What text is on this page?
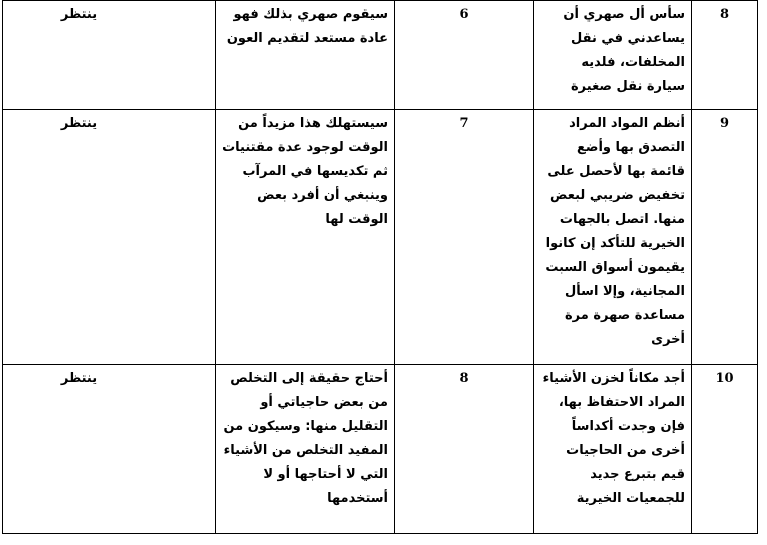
8	سأس أل صهري أن يساعدني في نقل المخلفات، فلديه سيارة نقل صغيرة	6	سيقوم صهري بذلك فهو عادة مستعد لتقديم العون	ينتظر
9	أنظم المواد المراد التصدق بها وأضع قائمة بها لأحصل على تخفيض ضريبي لبعض منها. اتصل بالجهات الخيرية للتأكد إن كانوا يقيمون أسواق السبت المجانية، وإلا اسأل مساعدة صهرة مرة أخرى	7	سيستهلك هذا مزيداً من الوقت لوجود عدة مقتنيات ثم تكديسها في المرآب وينبغي أن أفرد بعض الوقت لها	ينتظر
10	أجد مكاناً لخزن الأشياء المراد الاحتفاظ بها، فإن وجدت أكداساً أخرى من الحاجيات قيم بتبرع جديد للجمعيات الخيرية	8	أحتاج حقيقة إلى التخلص من بعض حاجياتي أو التقليل منها: وسيكون من المفيد التخلص من الأشياء التي لا أحتاجها أو لا أستخدمها	ينتظر
